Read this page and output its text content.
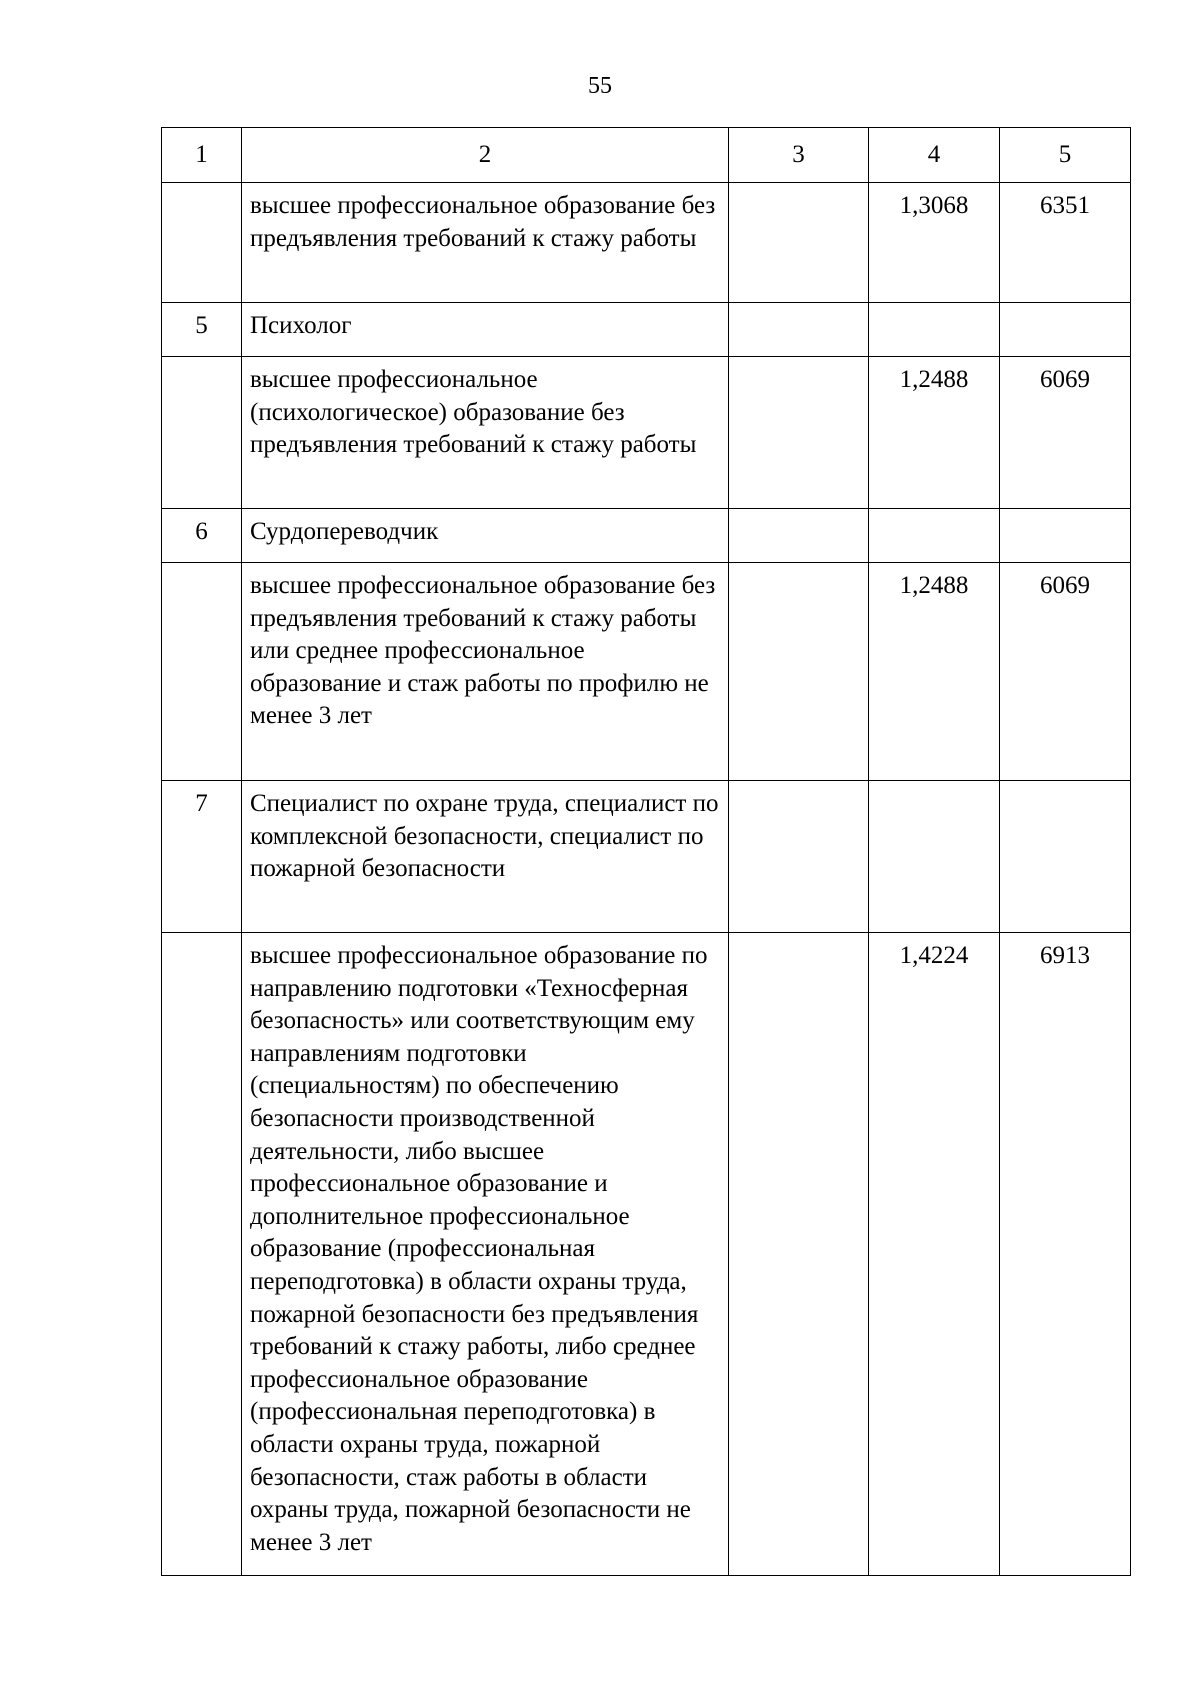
55
1	2	3	4	5
	высшее профессиональное образование без предъявления требований к стажу работы		1,3068	6351
5	Психолог			
	высшее профессиональное (психологическое) образование без предъявления требований к стажу работы		1,2488	6069
6	Сурдопереводчик			
	высшее профессиональное образование без предъявления требований к стажу работы или среднее профессиональное образование и стаж работы по профилю не менее 3 лет		1,2488	6069
7	Специалист по охране труда, специалист по комплексной безопасности, специалист по пожарной безопасности			
	высшее профессиональное образование по направлению подготовки «Техносферная безопасность» или соответствующим ему направлениям подготовки (специальностям) по обеспечению безопасности производственной деятельности, либо высшее профессиональное образование и дополнительное профессиональное образование (профессиональная переподготовка) в области охраны труда, пожарной безопасности без предъявления требований к стажу работы, либо среднее профессиональное образование (профессиональная переподготовка) в области охраны труда, пожарной безопасности, стаж работы в области охраны труда, пожарной безопасности не менее 3 лет		1,4224	6913
